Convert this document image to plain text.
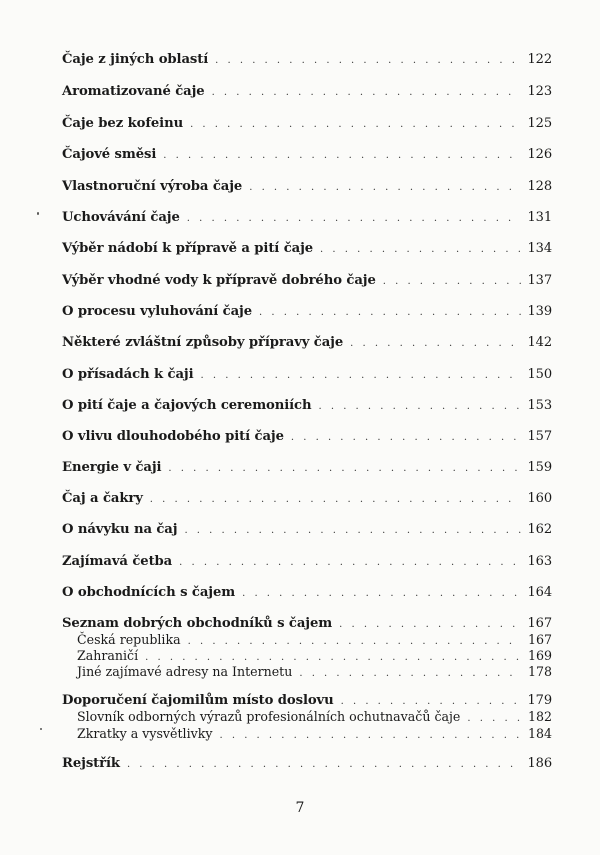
Čaje z jiných oblastí . . .	122
Aromatizované čaje . . .	123
Čaje bez kofeinu . . .	125
Čajové směsi . . .	126
Vlastnoruční výroba čaje . . .	128
Uchovávání čaje . . .	131
Výběr nádobí k přípravě a pití čaje . . .	134
Výběr vhodné vody k přípravě dobrého čaje . . .	137
O procesu vyluhování čaje . . .	139
Některé zvláštní způsoby přípravy čaje . . .	142
O přísadách k čaji . . .	150
O pití čaje a čajových ceremoniích . . .	153
O vlivu dlouhodobého pití čaje . . .	157
Energie v čaji . . .	159
Čaj a čakry . . .	160
O návyku na čaj . . .	162
Zajímavá četba . . .	163
O obchodnících s čajem . . .	164
Seznam dobrých obchodníků s čajem . . .	167
Česká republika . . .	167
Zahraničí . . .	169
Jiné zajímavé adresy na Internetu . . .	178
Doporučení čajomilům místo doslovu . . .	179
Slovník odborných výrazů profesionálních ochutnavačů čaje . . .	182
Zkratky a vysvětlivky . . .	184
Rejstřík . . .	186
7
